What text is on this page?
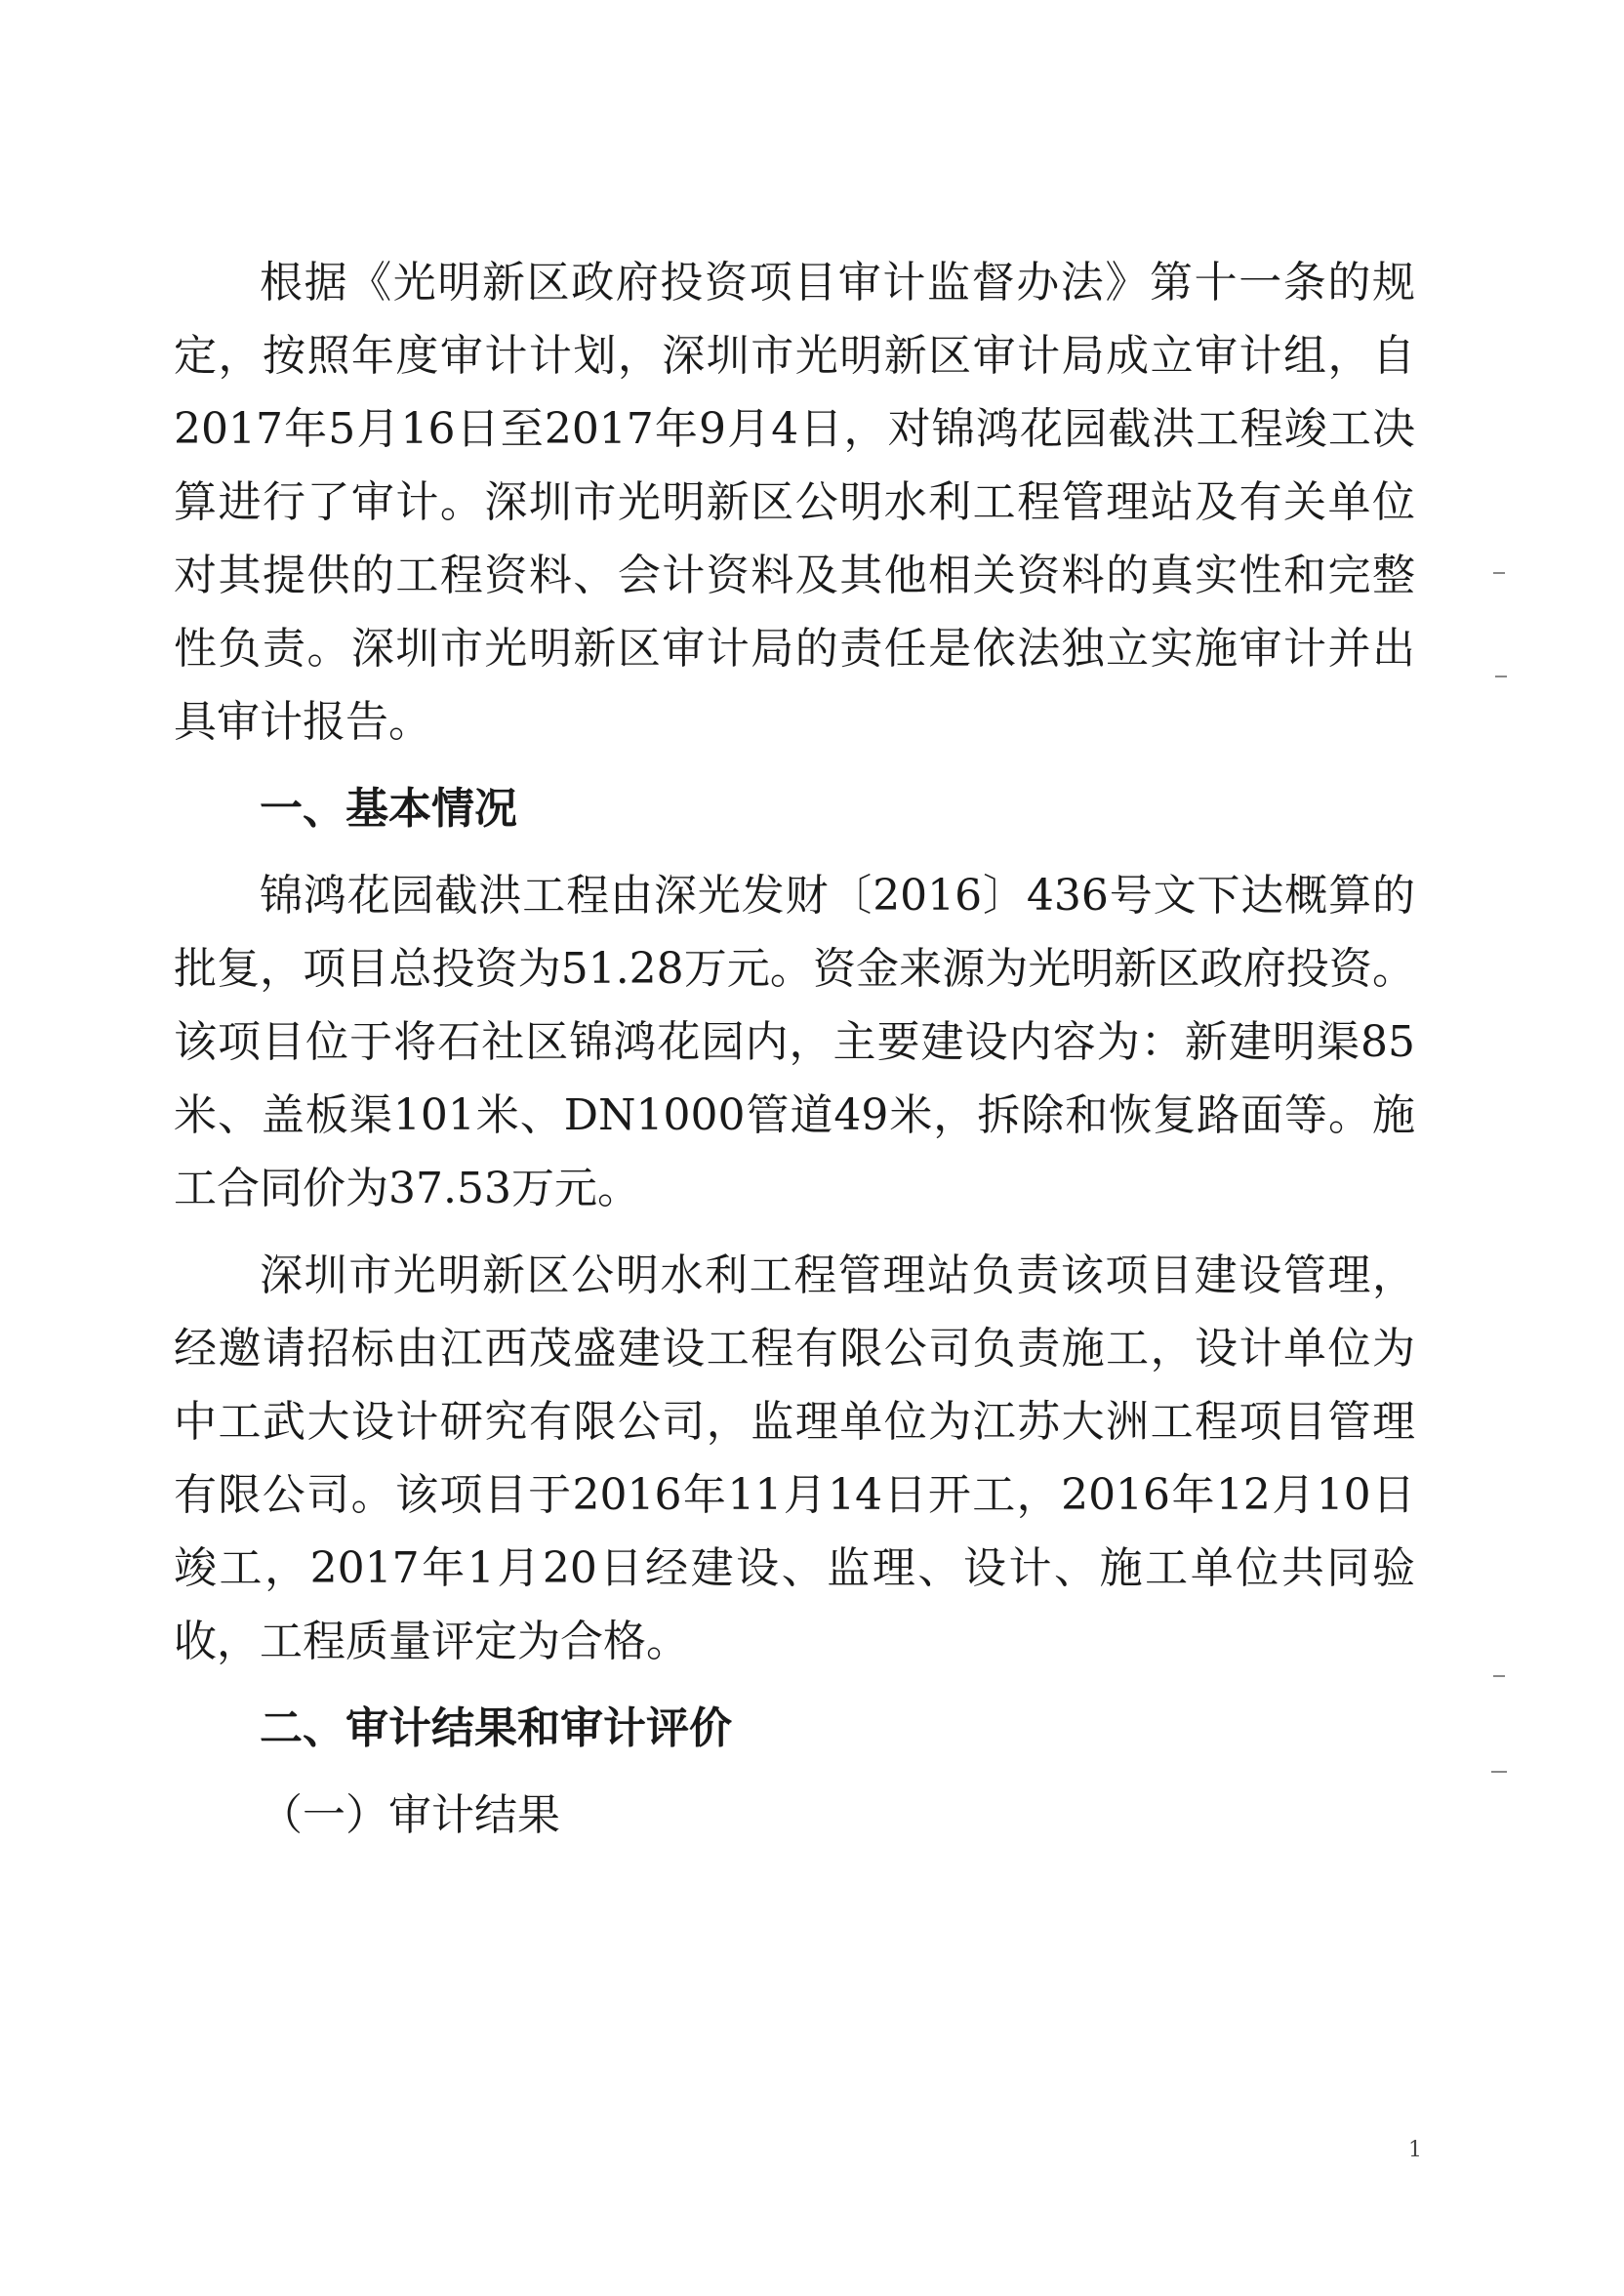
根据《光明新区政府投资项目审计监督办法》第十一条的规定，按照年度审计计划，深圳市光明新区审计局成立审计组，自2017年5月16日至2017年9月4日，对锦鸿花园截洪工程竣工决算进行了审计。深圳市光明新区公明水利工程管理站及有关单位对其提供的工程资料、会计资料及其他相关资料的真实性和完整性负责。深圳市光明新区审计局的责任是依法独立实施审计并出具审计报告。

一、基本情况

锦鸿花园截洪工程由深光发财〔2016〕436号文下达概算的批复，项目总投资为51.28万元。资金来源为光明新区政府投资。该项目位于将石社区锦鸿花园内，主要建设内容为：新建明渠85米、盖板渠101米、DN1000管道49米，拆除和恢复路面等。施工合同价为37.53万元。

深圳市光明新区公明水利工程管理站负责该项目建设管理，经邀请招标由江西茂盛建设工程有限公司负责施工，设计单位为中工武大设计研究有限公司，监理单位为江苏大洲工程项目管理有限公司。该项目于2016年11月14日开工，2016年12月10日竣工，2017年1月20日经建设、监理、设计、施工单位共同验收，工程质量评定为合格。

二、审计结果和审计评价

（一）审计结果

1
